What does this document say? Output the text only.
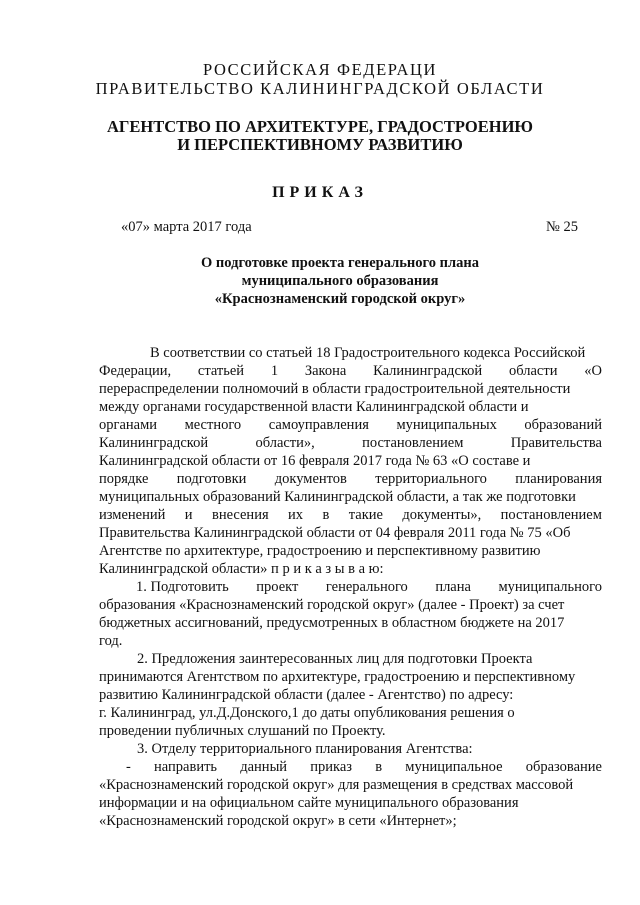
РОССИЙСКАЯ ФЕДЕРАЦИ
ПРАВИТЕЛЬСТВО КАЛИНИНГРАДСКОЙ ОБЛАСТИ
АГЕНТСТВО ПО АРХИТЕКТУРЕ, ГРАДОСТРОЕНИЮ
И ПЕРСПЕКТИВНОМУ РАЗВИТИЮ
ПРИКАЗ
«07» марта 2017 года	№ 25
О подготовке проекта генерального плана
муниципального образования
«Краснознаменский городской округ»
В соответствии со статьей 18 Градостроительного кодекса Российской
Федерации, статьей 1 Закона Калининградской области «О
перераспределении полномочий в области градостроительной деятельности
между органами государственной власти Калининградской области и
органами местного самоуправления муниципальных образований
Калининградской	области»,	постановлением	Правительства
Калининградской области от 16 февраля 2017 года № 63 «О составе и
порядке подготовки документов территориального планирования
муниципальных образований Калининградской области, а так же подготовки
изменений и внесения их в такие документы», постановлением
Правительства Калининградской области от 04 февраля 2011 года № 75 «Об
Агентстве по архитектуре, градостроению и перспективному развитию
Калининградской области» п р и к а з ы в а ю:
1. Подготовить проект генерального плана муниципального
образования «Краснознаменский городской округ» (далее - Проект) за счет
бюджетных ассигнований, предусмотренных в областном бюджете на 2017
год.
2. Предложения заинтересованных лиц для подготовки Проекта
принимаются Агентством по архитектуре, градостроению и перспективному
развитию Калининградской области (далее - Агентство) по адресу:
г. Калининград, ул.Д.Донского,1 до даты опубликования решения о
проведении публичных слушаний по Проекту.
3. Отделу территориального планирования Агентства:
- направить данный приказ в муниципальное образование
«Краснознаменский городской округ» для размещения в средствах массовой
информации и на официальном сайте муниципального образования
«Краснознаменский городской округ» в сети «Интернет»;
